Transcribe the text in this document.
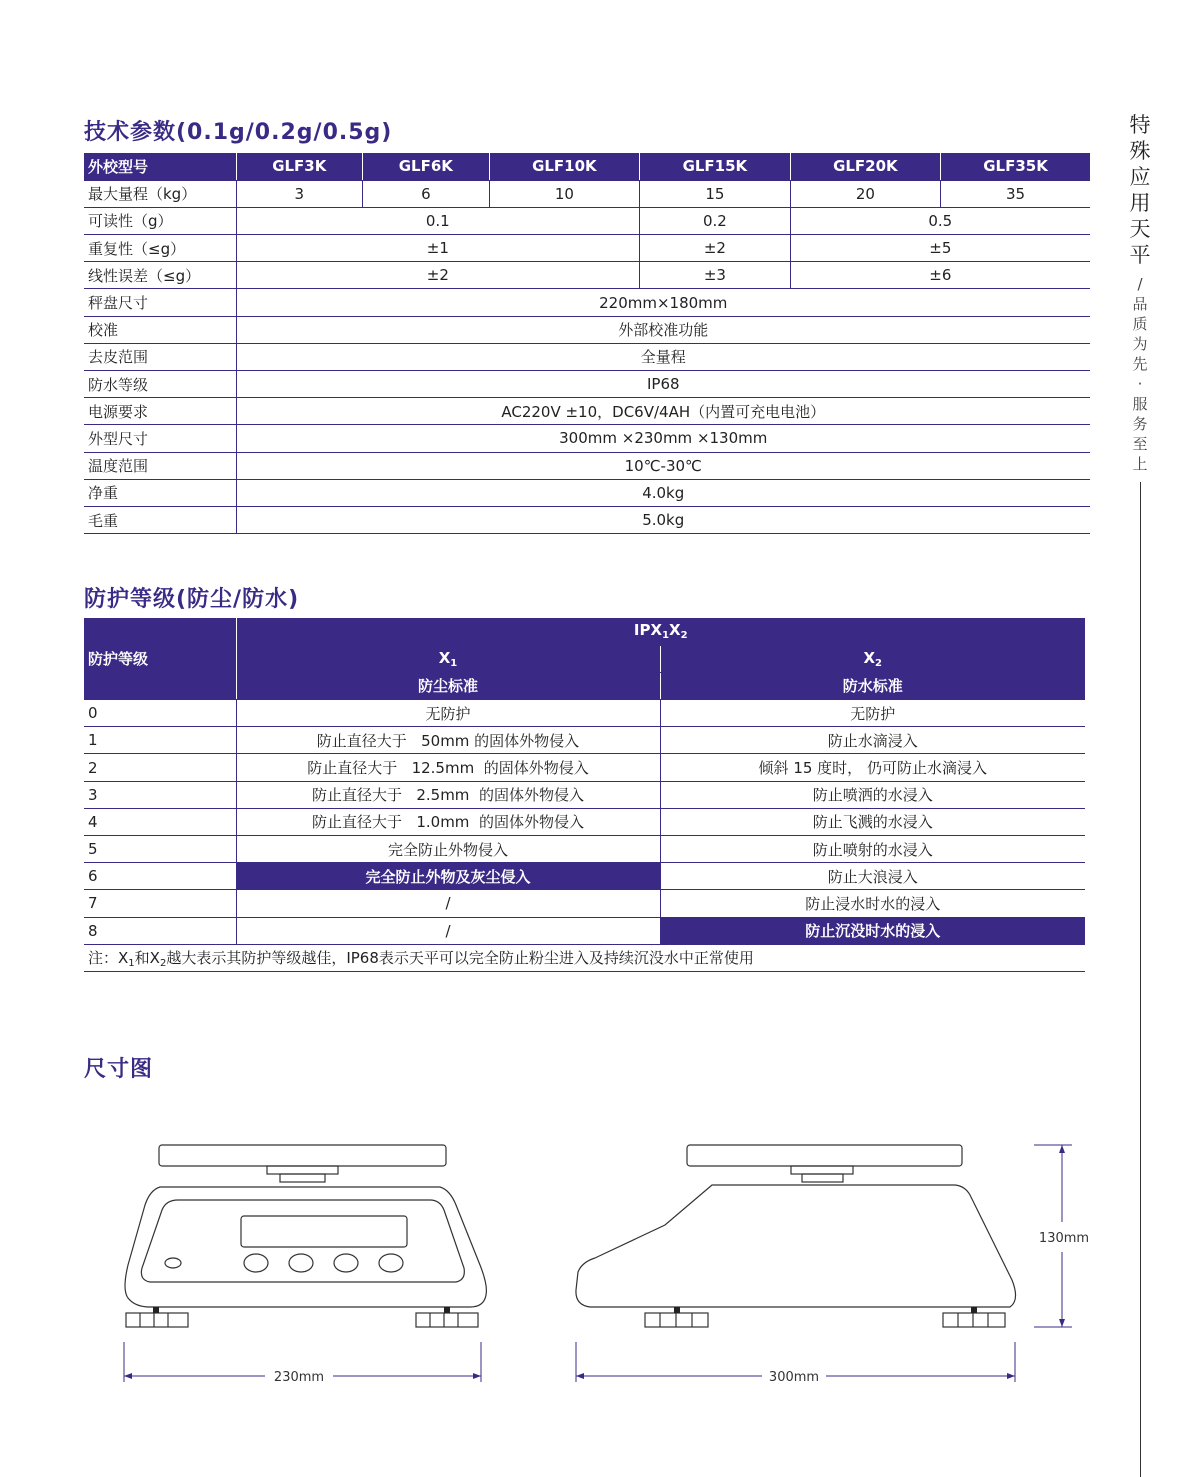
技术参数(0.1g/0.2g/0.5g)
外校型号	GLF3K	GLF6K	GLF10K	GLF15K	GLF20K	GLF35K
最大量程（kg）	3	6	10	15	20	35
可读性（g）	0.1			0.2	0.5	
重复性（≤g）	±1			±2	±5	
线性误差（≤g）	±2			±3	±6	
秤盘尺寸	220mm×180mm					
校准	外部校准功能					
去皮范围	全量程					
防水等级	IP68					
电源要求	AC220V ±10，DC6V/4AH（内置可充电电池）					
外型尺寸	300mm ×230mm ×130mm					
温度范围	10℃-30℃					
净重	4.0kg					
毛重	5.0kg					
防护等级(防尘/防水)
防护等级	$IPX_1X_2$
	$X_1$	$X_2$
	防尘标准	防水标准
0	无防护	无防护
1	防止直径大于   50mm 的固体外物侵入	防止水滴浸入
2	防止直径大于   12.5mm  的固体外物侵入	倾斜 15 度时， 仍可防止水滴浸入
3	防止直径大于   2.5mm  的固体外物侵入	防止喷洒的水浸入
4	防止直径大于   1.0mm  的固体外物侵入	防止飞溅的水浸入
5	完全防止外物侵入	防止喷射的水浸入
6	完全防止外物及灰尘侵入	防止大浪浸入
7	/	防止浸水时水的浸入
8	/	防止沉没时水的浸入
注：$X_1$和$X_2$越大表示其防护等级越佳，IP68表示天平可以完全防止粉尘进入及持续沉没水中正常使用		
尺寸图
230mm	300mm
130mm
特
殊
应
用
天
平
/
品
质
为
先
·
服
务
至
上
